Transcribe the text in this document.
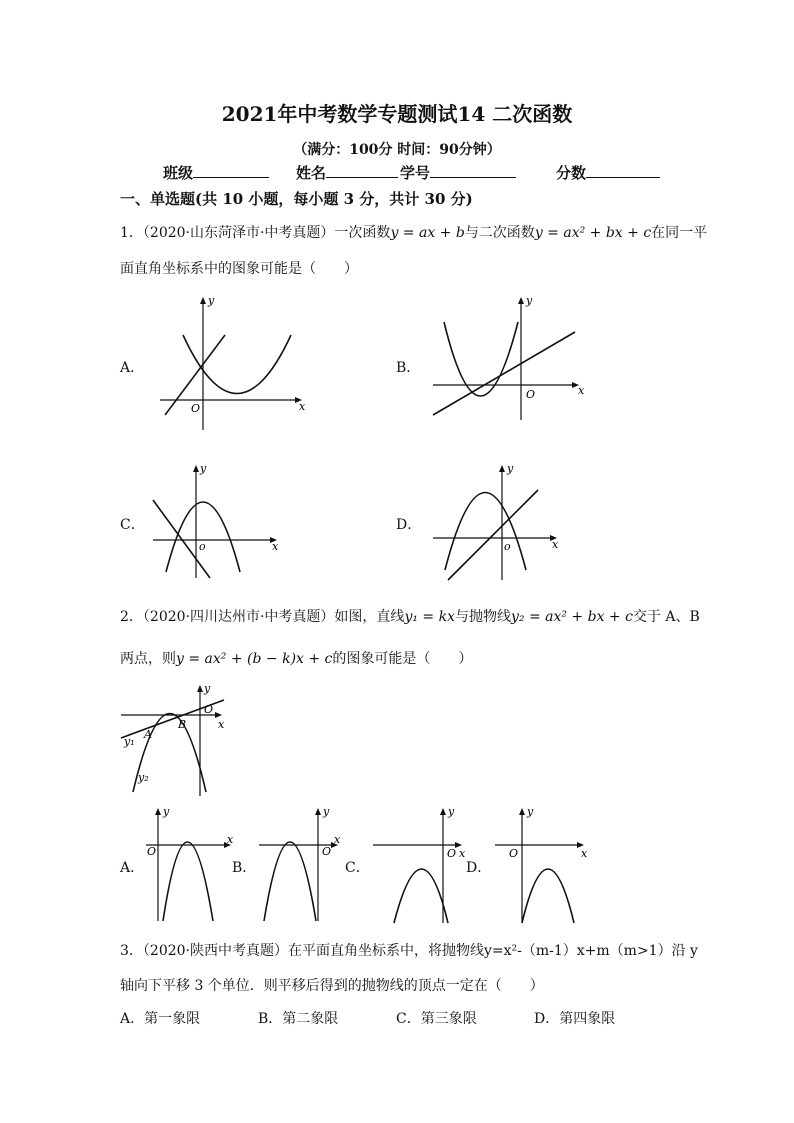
2021年中考数学专题测试14 二次函数
（满分：100分 时间：90分钟）
班级	姓名	学号	分数
一、单选题(共 10 小题，每小题 3 分，共计 30 分)
1．（2020·山东菏泽市·中考真题）一次函数y = ax + b与二次函数y = ax² + bx + c在同一平
面直角坐标系中的图象可能是（　　）
A．	B．
C．	D．
O	x
y
O	x
y
o	x
y
o	x
y
2．（2020·四川达州市·中考真题）如图，直线y₁ = kx与抛物线y₂ = ax² + bx + c交于 A、B
两点，则y = ax² + (b − k)x + c的图象可能是（　　）
O
x
y
A
B
y₁
y₂
A．	B．	C．	D．
O
x
y
O
x
y
O x
y
O	x
y
3．（2020·陕西中考真题）在平面直角坐标系中，将抛物线y=x²-（m-1）x+m（m>1）沿 y
轴向下平移 3 个单位．则平移后得到的抛物线的顶点一定在（　　）
A．第一象限	B．第二象限	C．第三象限	D．第四象限
